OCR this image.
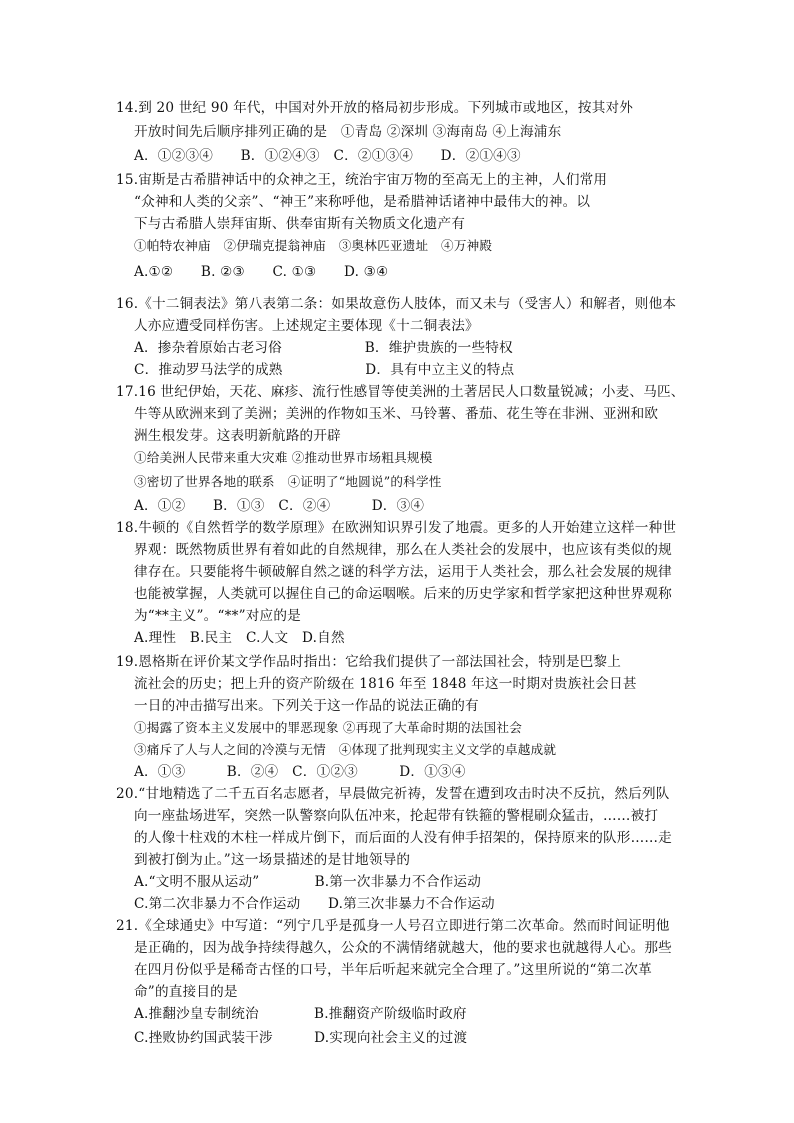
14.到 20 世纪 90 年代，中国对外开放的格局初步形成。下列城市或地区，按其对外
开放时间先后顺序排列正确的是　①青岛 ②深圳 ③海南岛 ④上海浦东
A．①②③④　　B．①②④③　C．②①③④　　D．②①④③
15.宙斯是古希腊神话中的众神之王，统治宇宙万物的至高无上的主神，人们常用
“众神和人类的父亲”、“神王”来称呼他，是希腊神话诸神中最伟大的神。以
下与古希腊人崇拜宙斯、供奉宙斯有关物质文化遗产有
①帕特农神庙　②伊瑞克提翁神庙　③奥林匹亚遗址　④万神殿
A.①②　　B. ②③　　C. ①③　　D. ③④
16.《十二铜表法》第八表第二条：如果故意伤人肢体，而又未与（受害人）和解者，则他本
人亦应遭受同样伤害。上述规定主要体现《十二铜表法》
A．掺杂着原始古老习俗　　　　　　B．维护贵族的一些特权
C．推动罗马法学的成熟　　　　　　D．具有中立主义的特点
17.16 世纪伊始，天花、麻疹、流行性感冒等使美洲的土著居民人口数量锐减；小麦、马匹、
牛等从欧洲来到了美洲；美洲的作物如玉米、马铃薯、番茄、花生等在非洲、亚洲和欧
洲生根发芽。这表明新航路的开辟
①给美洲人民带来重大灾难 ②推动世界市场粗具规模
③密切了世界各地的联系　④证明了“地圆说”的科学性
A．①②　　B．①③　C．②④　　　D．③④
18.牛顿的《自然哲学的数学原理》在欧洲知识界引发了地震。更多的人开始建立这样一种世
界观：既然物质世界有着如此的自然规律，那么在人类社会的发展中，也应该有类似的规
律存在。只要能将牛顿破解自然之谜的科学方法，运用于人类社会，那么社会发展的规律
也能被掌握，人类就可以握住自己的命运咽喉。后来的历史学家和哲学家把这种世界观称
为“**主义”。“**”对应的是
A.理性　B.民主　C.人文　D.自然
19.恩格斯在评价某文学作品时指出：它给我们提供了一部法国社会，特别是巴黎上
流社会的历史；把上升的资产阶级在 1816 年至 1848 年这一时期对贵族社会日甚
一日的冲击描写出来。下列关于这一作品的说法正确的有
①揭露了资本主义发展中的罪恶现象 ②再现了大革命时期的法国社会
③痛斥了人与人之间的冷漠与无情　④体现了批判现实主义文学的卓越成就
A．①③　　　B．②④　C．①②③　　　D．①③④
20.“甘地精选了二千五百名志愿者，早晨做完祈祷，发誓在遭到攻击时决不反抗，然后列队
向一座盐场进军，突然一队警察向队伍冲来，抡起带有铁箍的警棍刷众猛击，……被打
的人像十柱戏的木柱一样成片倒下，而后面的人没有伸手招架的，保持原来的队形……走
到被打倒为止。”这一场景描述的是甘地领导的
A.“文明不服从运动”　　　　B.第一次非暴力不合作运动
C.第二次非暴力不合作运动　　D.第三次非暴力不合作运动
21.《全球通史》中写道：“列宁几乎是孤身一人号召立即进行第二次革命。然而时间证明他
是正确的，因为战争持续得越久，公众的不满情绪就越大，他的要求也就越得人心。那些
在四月份似乎是稀奇古怪的口号，半年后听起来就完全合理了。”这里所说的“第二次革
命”的直接目的是
A.推翻沙皇专制统治　　　　B.推翻资产阶级临时政府
C.挫败协约国武装干涉　　　D.实现向社会主义的过渡
